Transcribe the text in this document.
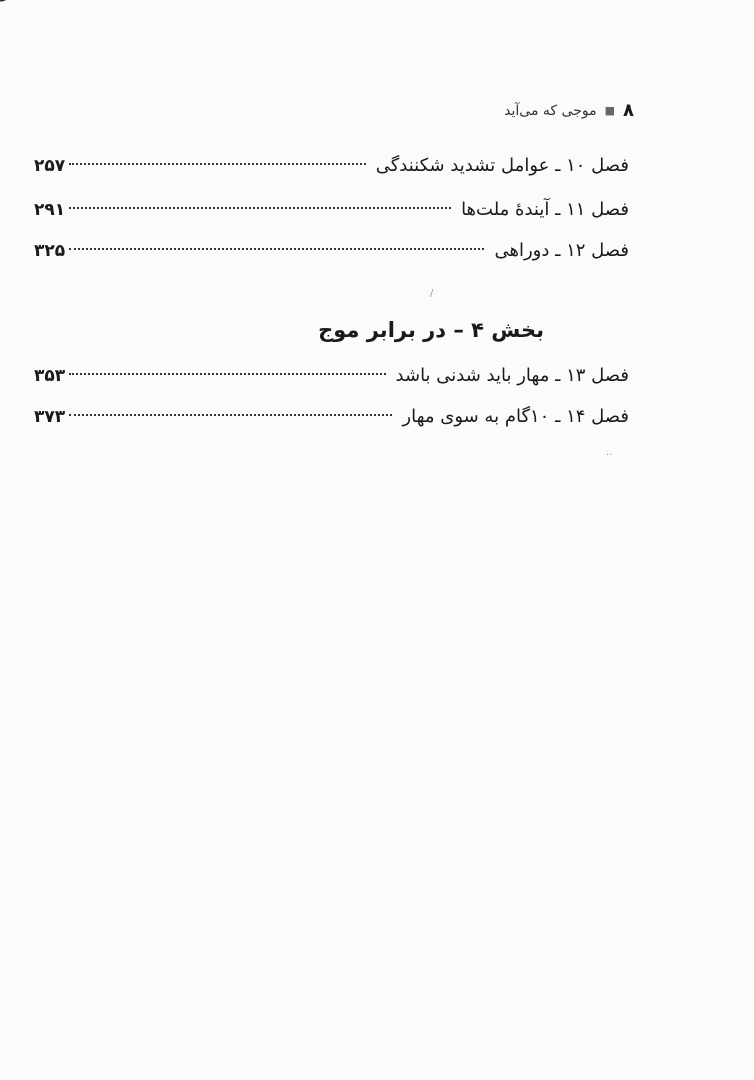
۸
■
موجی که می‌آید
فصل ۱۰ ـ عوامل تشدید شکنندگی
۲۵۷
فصل ۱۱ ـ آیندهٔ ملت‌ها
۲۹۱
فصل ۱۲ ـ دوراهی
۳۲۵
بخش ۴ – در برابر موج
فصل ۱۳ ـ مهار باید شدنی باشد
۳۵۳
فصل ۱۴ ـ ۱۰گام به سوی مهار
۳۷۳
/
··
